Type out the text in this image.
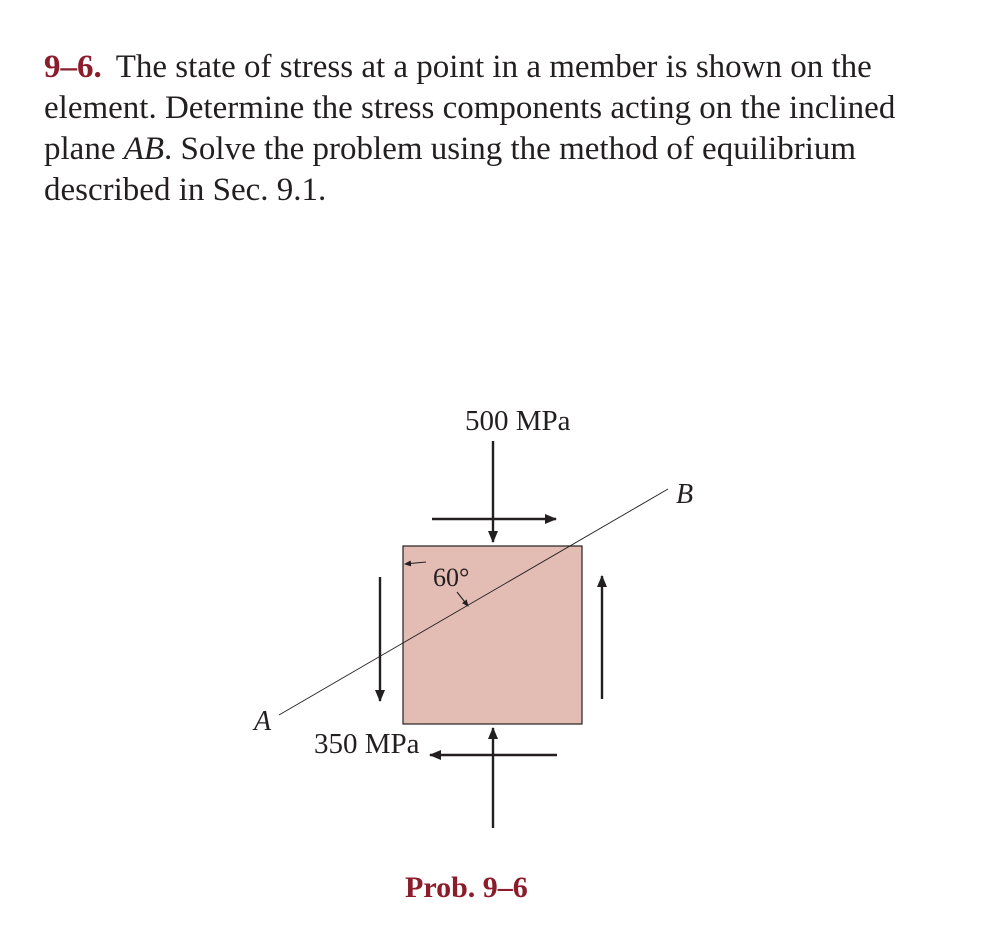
9–6. The state of stress at a point in a member is shown on the element. Determine the stress components acting on the inclined plane AB. Solve the problem using the method of equilibrium described in Sec. 9.1.
500 MPa
350 MPa
60°
A
B
Prob. 9–6
